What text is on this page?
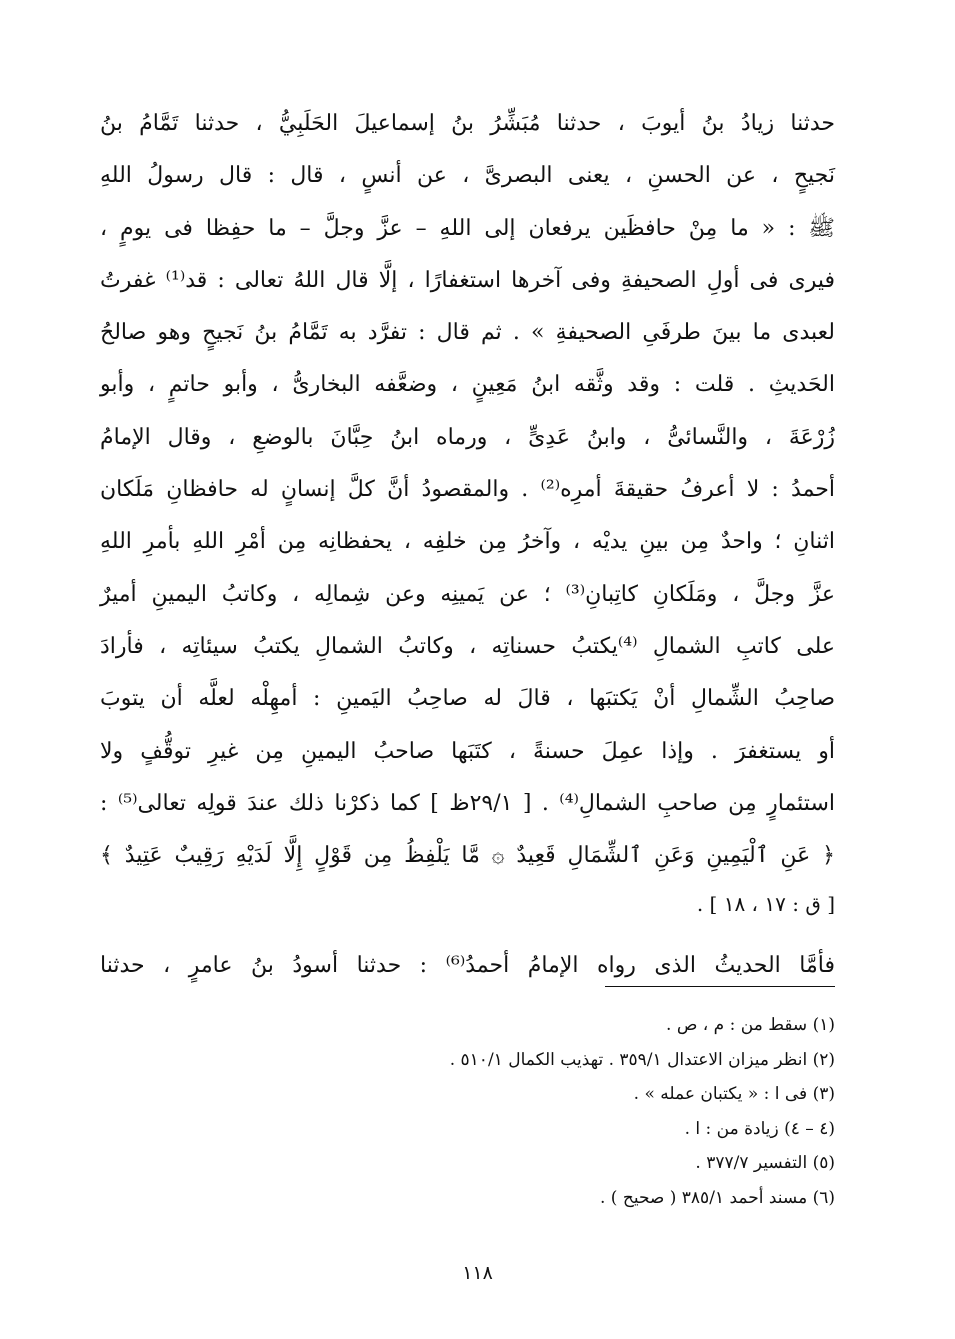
حدثنا زيادُ بنُ أيوبَ ، حدثنا مُبَشِّرُ بنُ إسماعيلَ الحَلَبِيُّ ، حدثنا تَمَّامُ بنُ
نَجيحٍ ، عن الحسنِ ، يعنى البصرىَّ ، عن أنسٍ ، قال : قال رسولُ اللهِ
ﷺ : « ما مِنْ حافظَين يرفعان إلى اللهِ – عزَّ وجلَّ – ما حفِظا فى يومٍ ،
فيرى فى أولِ الصحيفةِ وفى آخرها استغفارًا ، إلَّا قال اللهُ تعالى : قد⁽¹⁾ غفرتُ
لعبدى ما بينَ طرفَىِ الصحيفةِ » . ثم قال : تفرَّد به تَمَّامُ بنُ نَجيحٍ وهو صالحُ
الحَديثِ . قلت : وقد وثَّقه ابنُ مَعِينٍ ، وضعَّفه البخارىُّ ، وأبو حاتمٍ ، وأبو
زُرْعَةَ ، والنَّسائىُّ ، وابنُ عَدِىٍّ ، ورماه ابنُ حِبَّانَ بالوضعِ ، وقال الإمامُ
أحمدُ : لا أعرفُ حقيقةَ أمرِه⁽²⁾ . والمقصودُ أنَّ كلَّ إنسانٍ له حافظانِ مَلَكان
اثنانِ ؛ واحدٌ مِن بينِ يديْه ، وآخرُ مِن خلفِه ، يحفظانِه مِن أمْرِ اللهِ بأمرِ اللهِ
عزَّ وجلَّ ، ومَلَكانِ كاتِبانِ⁽³⁾ ؛ عن يَمينِه وعن شِمالِه ، وكاتبُ اليمينِ أميرٌ
على كاتبِ الشمالِ ⁽⁴⁾يكتبُ حسناتِه ، وكاتبُ الشمالِ يكتبُ سيئاتِه ، فأرادَ
صاحِبُ الشِّمالِ أنْ يَكتبَها ، قالَ له صاحِبُ اليَمينِ : أمهِلْه لعلَّه أن يتوبَ
أو يستغفرَ . وإذا عمِلَ حسنةً ، كتَبَها صاحبُ اليمينِ مِن غيرِ توقُّفٍ ولا
استئمارٍ مِن صاحبِ الشمالِ⁽⁴⁾ . [ ٢٩/١ظ ] كما ذكرْنا ذلك عندَ قولِه تعالى⁽⁵⁾ :
﴿ عَنِ ٱلْيَمِينِ وَعَنِ ٱلشِّمَالِ قَعِيدٌ ۞ مَّا يَلْفِظُ مِن قَوْلٍ إِلَّا لَدَيْهِ رَقِيبٌ عَتِيدٌ ﴾
[ ق : ١٧ ، ١٨ ] .
فأمَّا الحديثُ الذى رواه الإمامُ أحمدُ⁽⁶⁾ : حدثنا أسودُ بنُ عامرٍ ، حدثنا
(١) سقط من : م ، ص .
(٢) انظر ميزان الاعتدال ٣٥٩/١ . تهذيب الكمال ٥١٠/١ .
(٣) فى ا : « يكتبان عمله » .
(٤ – ٤) زيادة من : ا .
(٥) التفسير ٣٧٧/٧ .
(٦) مسند أحمد ٣٨٥/١ ( صحيح ) .
١١٨
